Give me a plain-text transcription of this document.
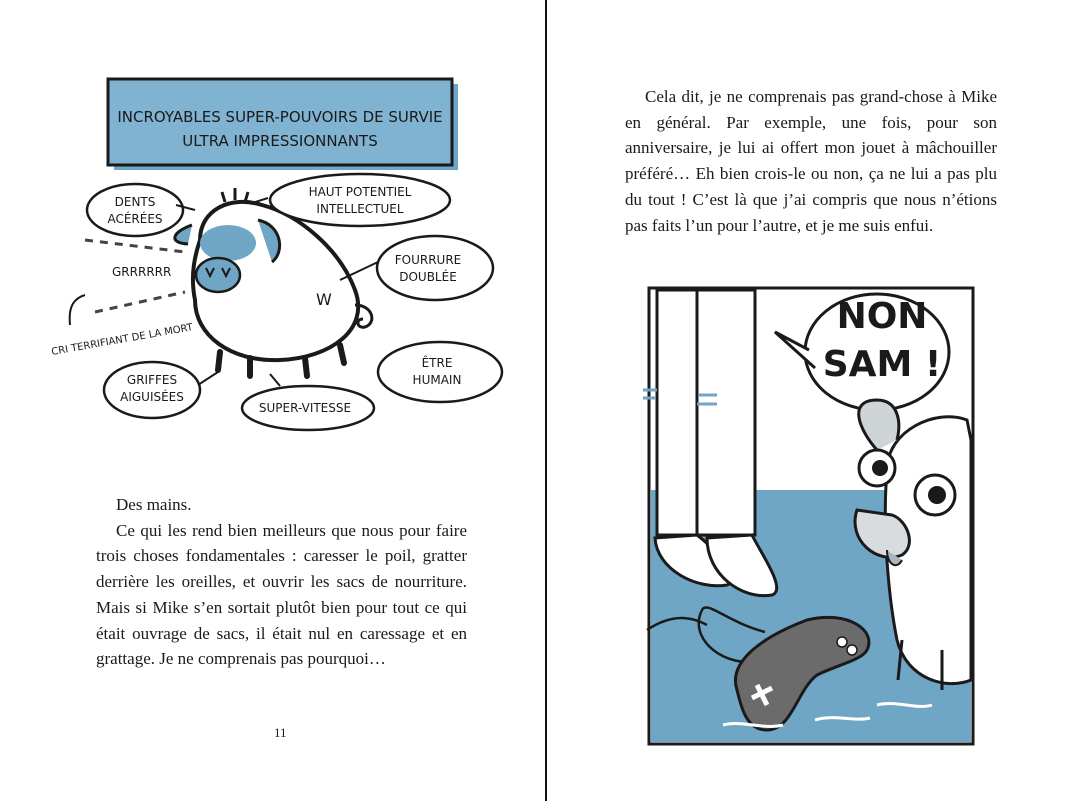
INCROYABLES SUPER-POUVOIRS DE SURVIE
ULTRA IMPRESSIONNANTS
W
DENTS
ACÉRÉES
HAUT POTENTIEL
INTELLECTUEL
FOURRURE
DOUBLÉE
GRRRRRR
CRI TERRIFIANT DE LA MORT
GRIFFES
AIGUISÉES
SUPER-VITESSE
ÊTRE
HUMAIN

Des mains.

Ce qui les rend bien meilleurs que nous pour faire trois choses fondamentales : caresser le poil, gratter derrière les oreilles, et ouvrir les sacs de nourriture. Mais si Mike s’en sortait plutôt bien pour tout ce qui était ouvrage de sacs, il était nul en caressage et en grattage. Je ne comprenais pas pourquoi…

11

Cela dit, je ne comprenais pas grand-chose à Mike en général. Par exemple, une fois, pour son anniversaire, je lui ai offert mon jouet à mâchouiller préféré… Eh bien crois-le ou non, ça ne lui a pas plu du tout ! C’est là que j’ai compris que nous n’étions pas faits l’un pour l’autre, et je me suis enfui.

NON
SAM !
